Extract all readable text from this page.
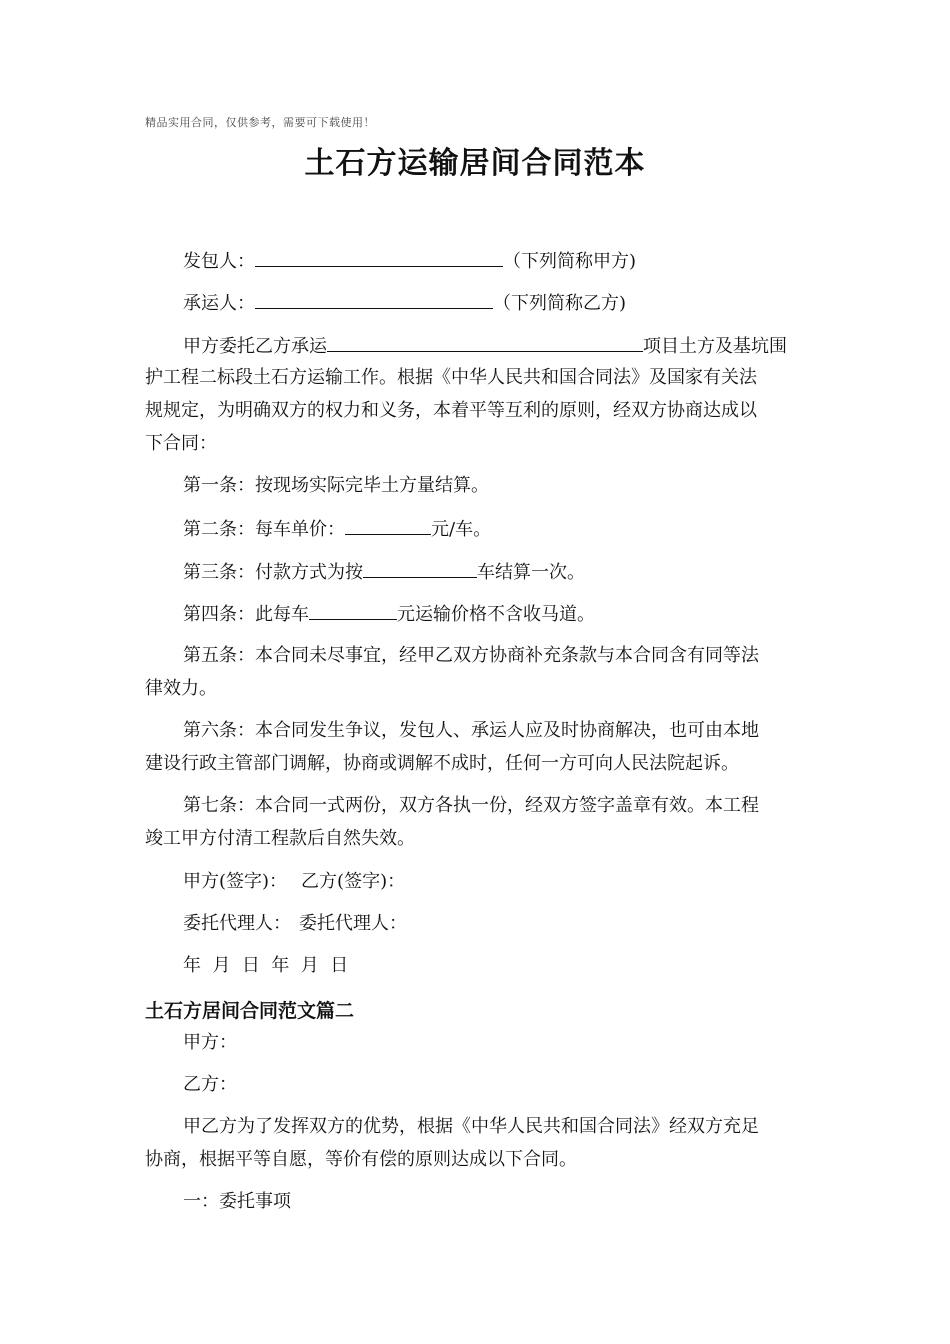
精品实用合同，仅供参考，需要可下载使用！
土石方运输居间合同范本
发包人：	（下列简称甲方)
承运人：	（下列简称乙方)
甲方委托乙方承运	项目土方及基坑围
护工程二标段土石方运输工作。根据《中华人民共和国合同法》及国家有关法
规规定，为明确双方的权力和义务，本着平等互利的原则，经双方协商达成以
下合同：
第一条：按现场实际完毕土方量结算。
第二条：每车单价：	元/车。
第三条：付款方式为按	车结算一次。
第四条：此每车	元运输价格不含收马道。
第五条：本合同未尽事宜，经甲乙双方协商补充条款与本合同含有同等法
律效力。
第六条：本合同发生争议，发包人、承运人应及时协商解决，也可由本地
建设行政主管部门调解，协商或调解不成时，任何一方可向人民法院起诉。
第七条：本合同一式两份，双方各执一份，经双方签字盖章有效。本工程
竣工甲方付清工程款后自然失效。
甲方(签字)： 乙方(签字)：
委托代理人： 委托代理人：
年  月  日  年  月  日
土石方居间合同范文篇二
甲方：
乙方：
甲乙方为了发挥双方的优势，根据《中华人民共和国合同法》经双方充足
协商，根据平等自愿，等价有偿的原则达成以下合同。
一：委托事项
